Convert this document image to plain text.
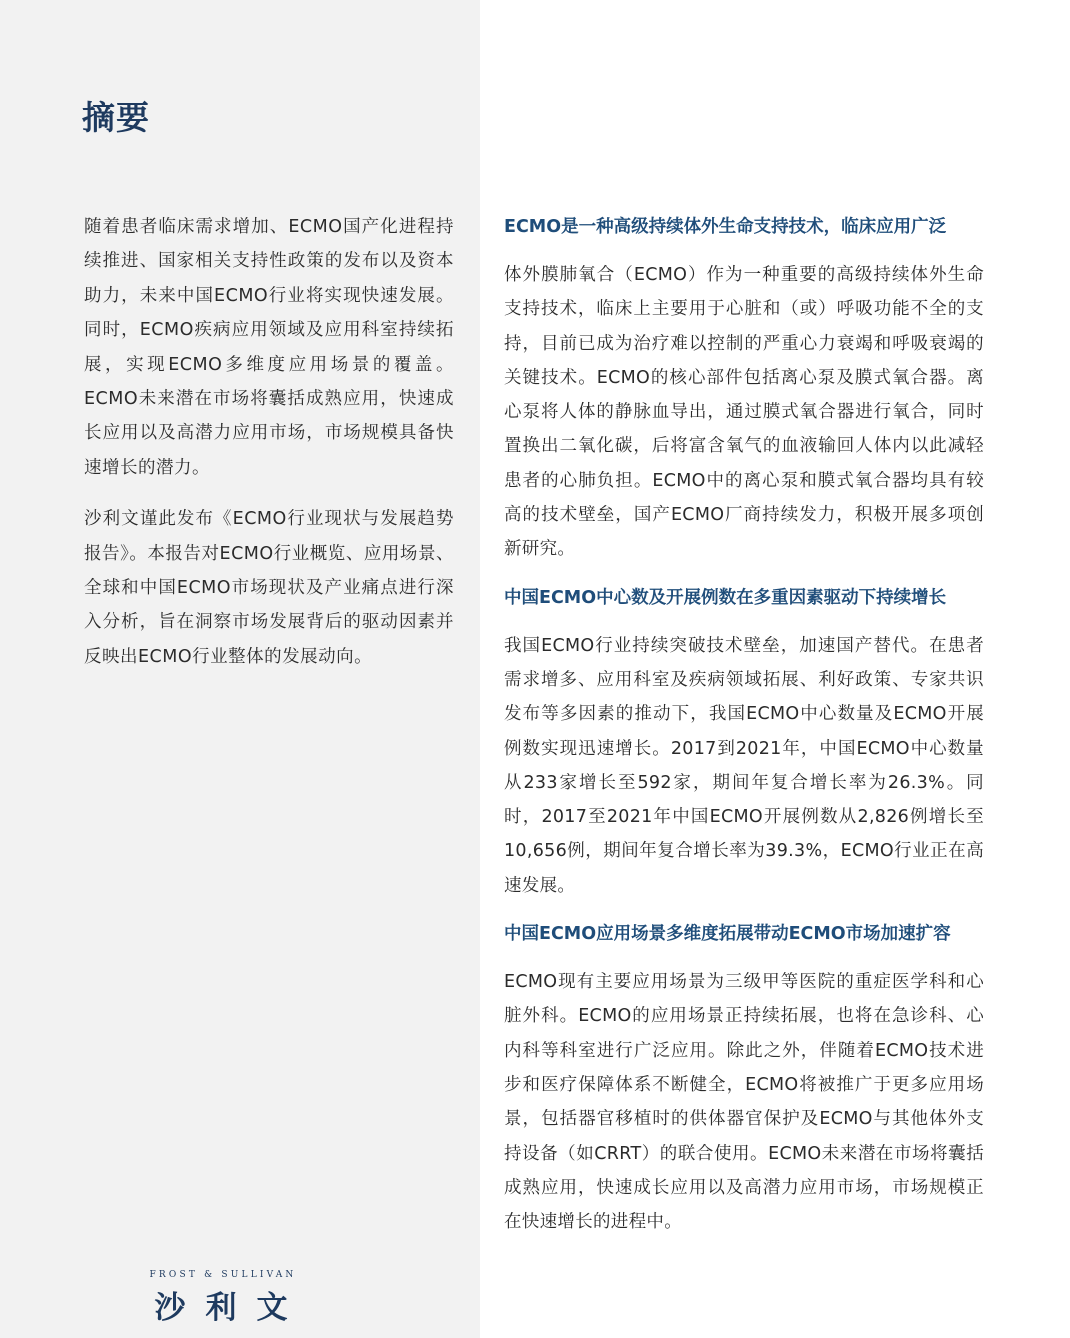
摘要

随着患者临床需求增加、ECMO国产化进程持续推进、国家相关支持性政策的发布以及资本助力，未来中国ECMO行业将实现快速发展。同时，ECMO疾病应用领域及应用科室持续拓展，实现ECMO多维度应用场景的覆盖。ECMO未来潜在市场将囊括成熟应用，快速成长应用以及高潜力应用市场，市场规模具备快速增长的潜力。

沙利文谨此发布《ECMO行业现状与发展趋势报告》。本报告对ECMO行业概览、应用场景、全球和中国ECMO市场现状及产业痛点进行深入分析，旨在洞察市场发展背后的驱动因素并反映出ECMO行业整体的发展动向。

ECMO是一种高级持续体外生命支持技术，临床应用广泛

体外膜肺氧合（ECMO）作为一种重要的高级持续体外生命支持技术，临床上主要用于心脏和（或）呼吸功能不全的支持，目前已成为治疗难以控制的严重心力衰竭和呼吸衰竭的关键技术。ECMO的核心部件包括离心泵及膜式氧合器。离心泵将人体的静脉血导出，通过膜式氧合器进行氧合，同时置换出二氧化碳，后将富含氧气的血液输回人体内以此减轻患者的心肺负担。ECMO中的离心泵和膜式氧合器均具有较高的技术壁垒，国产ECMO厂商持续发力，积极开展多项创新研究。

中国ECMO中心数及开展例数在多重因素驱动下持续增长

我国ECMO行业持续突破技术壁垒，加速国产替代。在患者需求增多、应用科室及疾病领域拓展、利好政策、专家共识发布等多因素的推动下，我国ECMO中心数量及ECMO开展例数实现迅速增长。2017到2021年，中国ECMO中心数量从233家增长至592家，期间年复合增长率为26.3%。同时，2017至2021年中国ECMO开展例数从2,826例增长至10,656例，期间年复合增长率为39.3%，ECMO行业正在高速发展。

中国ECMO应用场景多维度拓展带动ECMO市场加速扩容

ECMO现有主要应用场景为三级甲等医院的重症医学科和心脏外科。ECMO的应用场景正持续拓展，也将在急诊科、心内科等科室进行广泛应用。除此之外，伴随着ECMO技术进步和医疗保障体系不断健全，ECMO将被推广于更多应用场景，包括器官移植时的供体器官保护及ECMO与其他体外支持设备（如CRRT）的联合使用。ECMO未来潜在市场将囊括成熟应用，快速成长应用以及高潜力应用市场，市场规模正在快速增长的进程中。

FROST & SULLIVAN
沙利文
